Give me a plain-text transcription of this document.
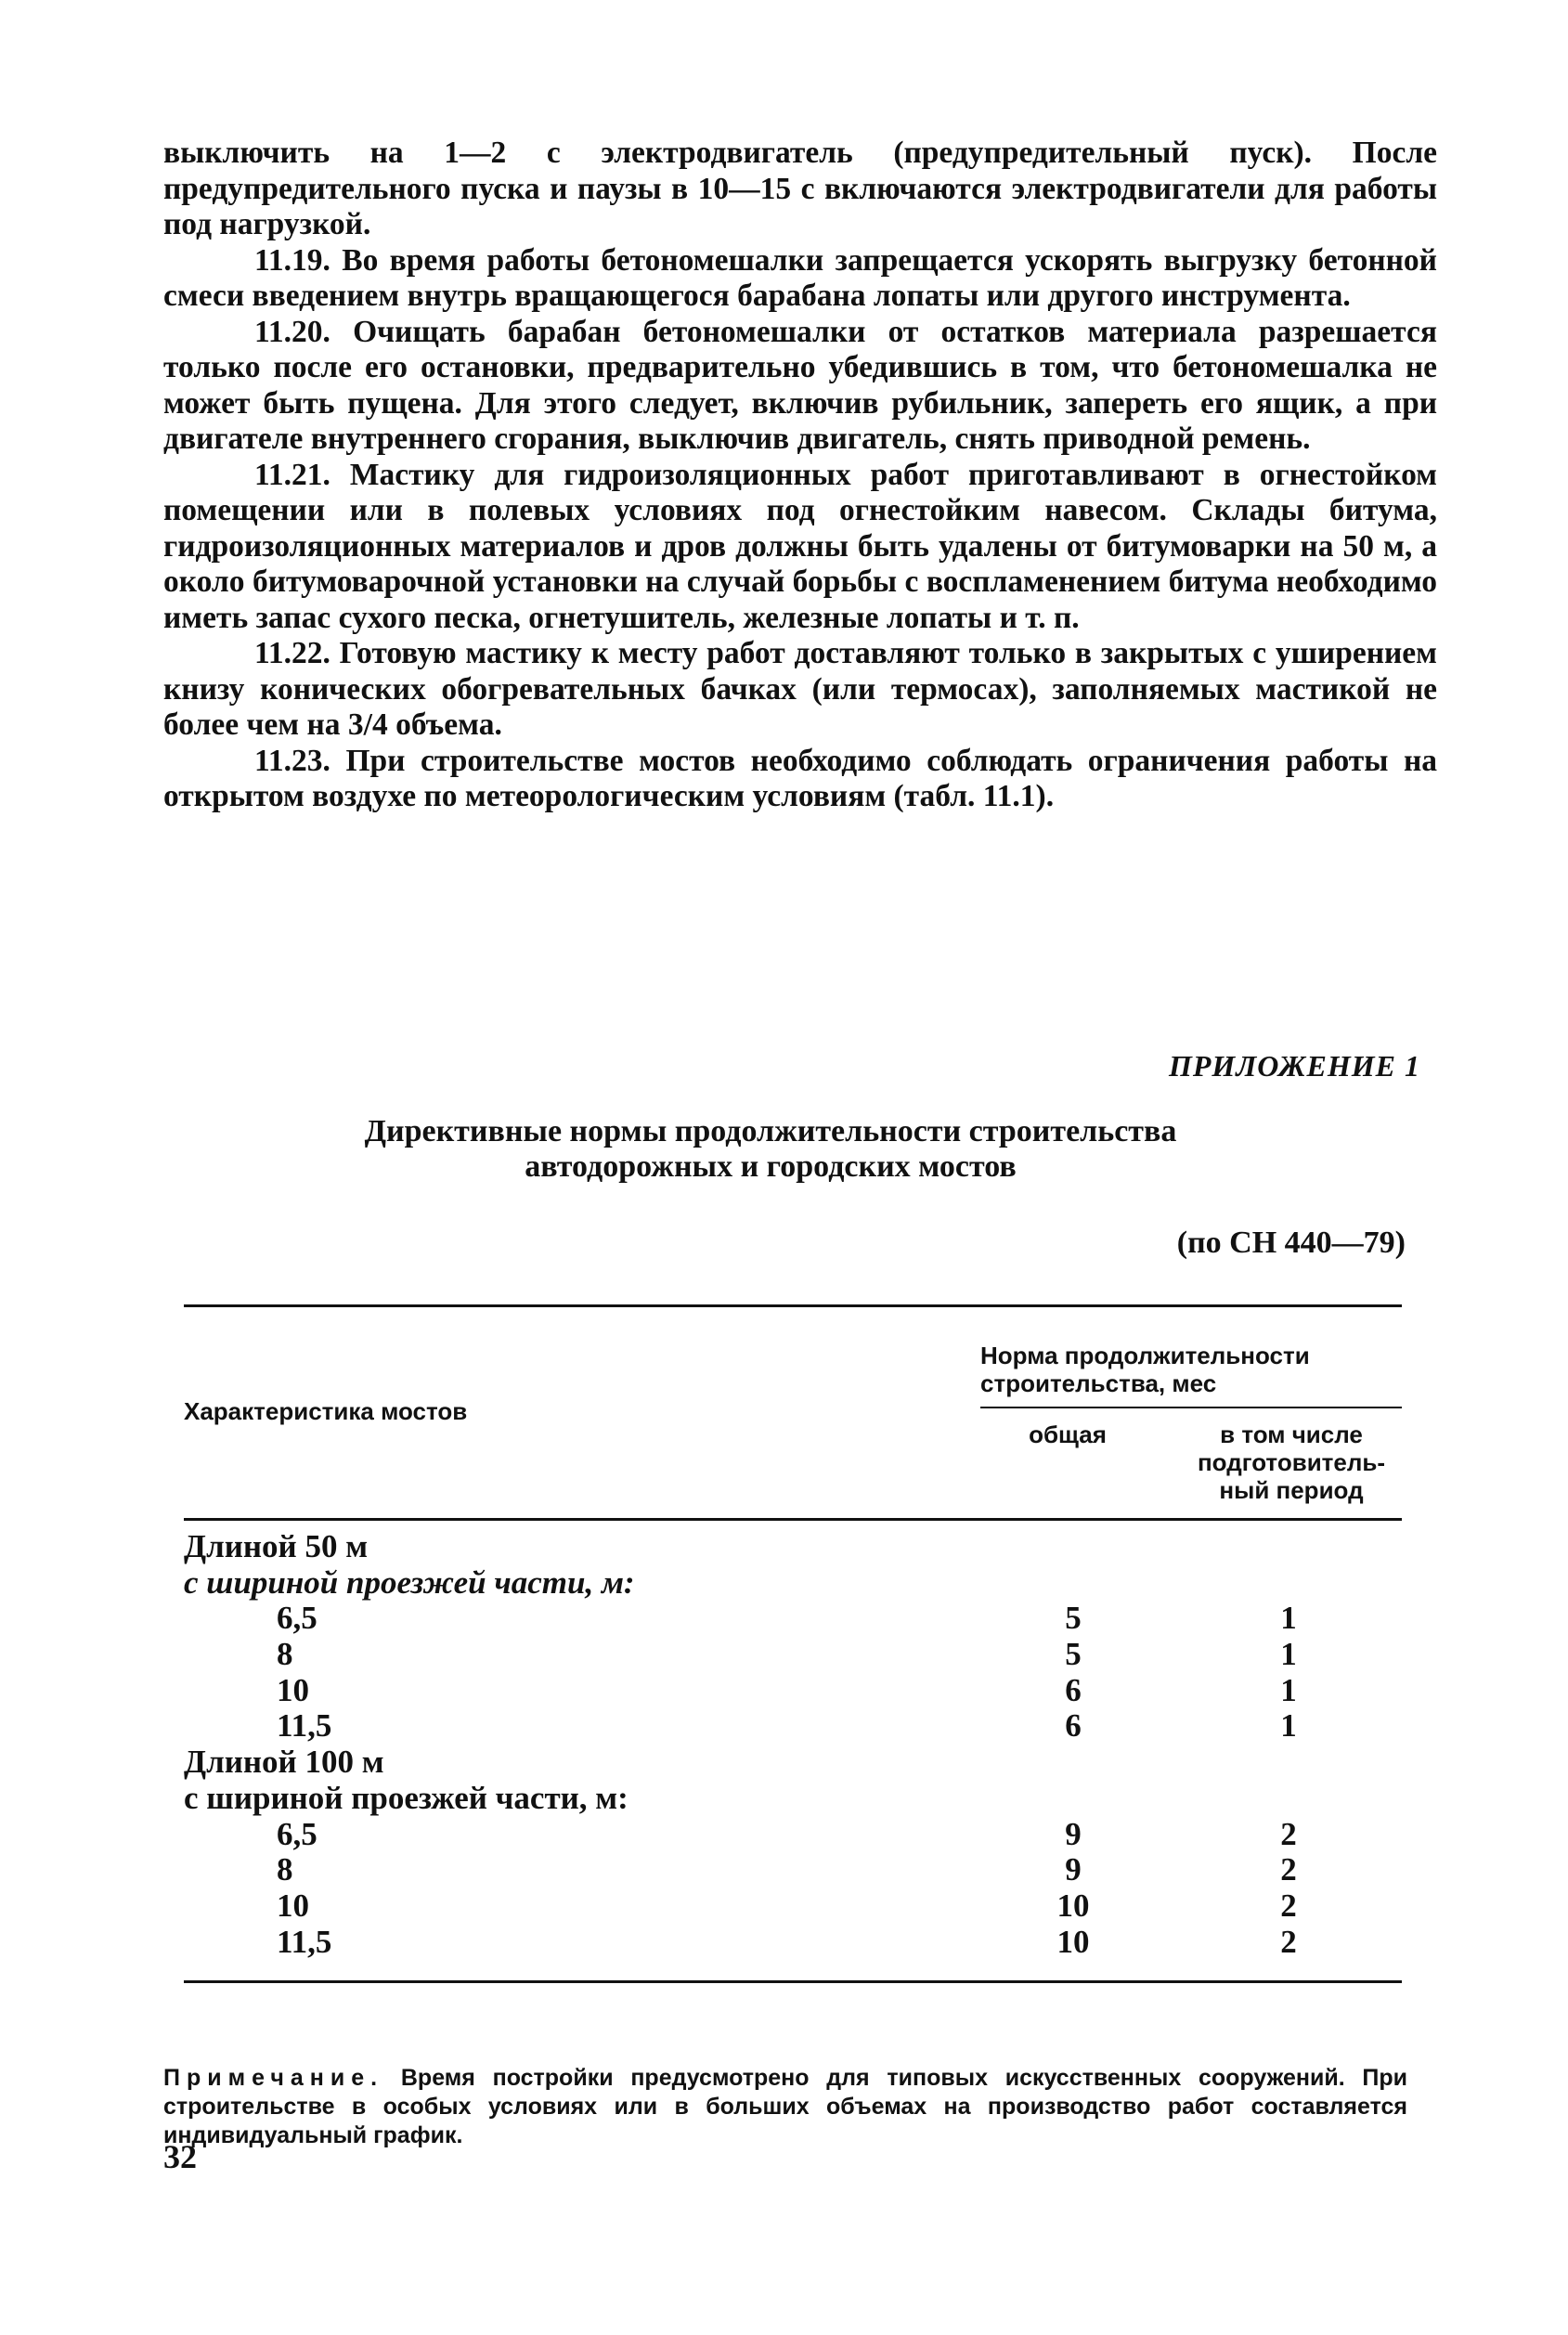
выключить на 1—2 с электродвигатель (предупредительный пуск). После предупредительного пуска и паузы в 10—15 с включаются электродвигатели для работы под нагрузкой.

11.19. Во время работы бетономешалки запрещается ускорять выгрузку бетонной смеси введением внутрь вращающегося барабана лопаты или другого инструмента.

11.20. Очищать барабан бетономешалки от остатков материала разрешается только после его остановки, предварительно убедившись в том, что бетономешалка не может быть пущена. Для этого следует, включив рубильник, запереть его ящик, а при двигателе внутреннего сгорания, выключив двигатель, снять приводной ремень.

11.21. Мастику для гидроизоляционных работ приготавливают в огнестойком помещении или в полевых условиях под огнестойким навесом. Склады битума, гидроизоляционных материалов и дров должны быть удалены от битумоварки на 50 м, а около битумоварочной установки на случай борьбы с воспламенением битума необходимо иметь запас сухого песка, огнетушитель, железные лопаты и т. п.

11.22. Готовую мастику к месту работ доставляют только в закрытых с уширением книзу конических обогревательных бачках (или термосах), заполняемых мастикой не более чем на 3/4 объема.

11.23. При строительстве мостов необходимо соблюдать ограничения работы на открытом воздухе по метеорологическим условиям (табл. 11.1).

ПРИЛОЖЕНИЕ 1
Директивные нормы продолжительности строительства
автодорожных и городских мостов
(по СН 440—79)
Характеристика мостов
Норма продолжительности строительства, мес
общая	в том числе подготовитель-ный период
Длиной 50 м
с шириной проезжей части, м:
6,5	5	1
8	5	1
10	6	1
11,5	6	1
Длиной 100 м
с шириной проезжей части, м:
6,5	9	2
8	9	2
10	10	2
11,5	10	2
Примечание. Время постройки предусмотрено для типовых искусственных сооружений. При строительстве в особых условиях или в больших объемах на производство работ составляется индивидуальный график.
32
